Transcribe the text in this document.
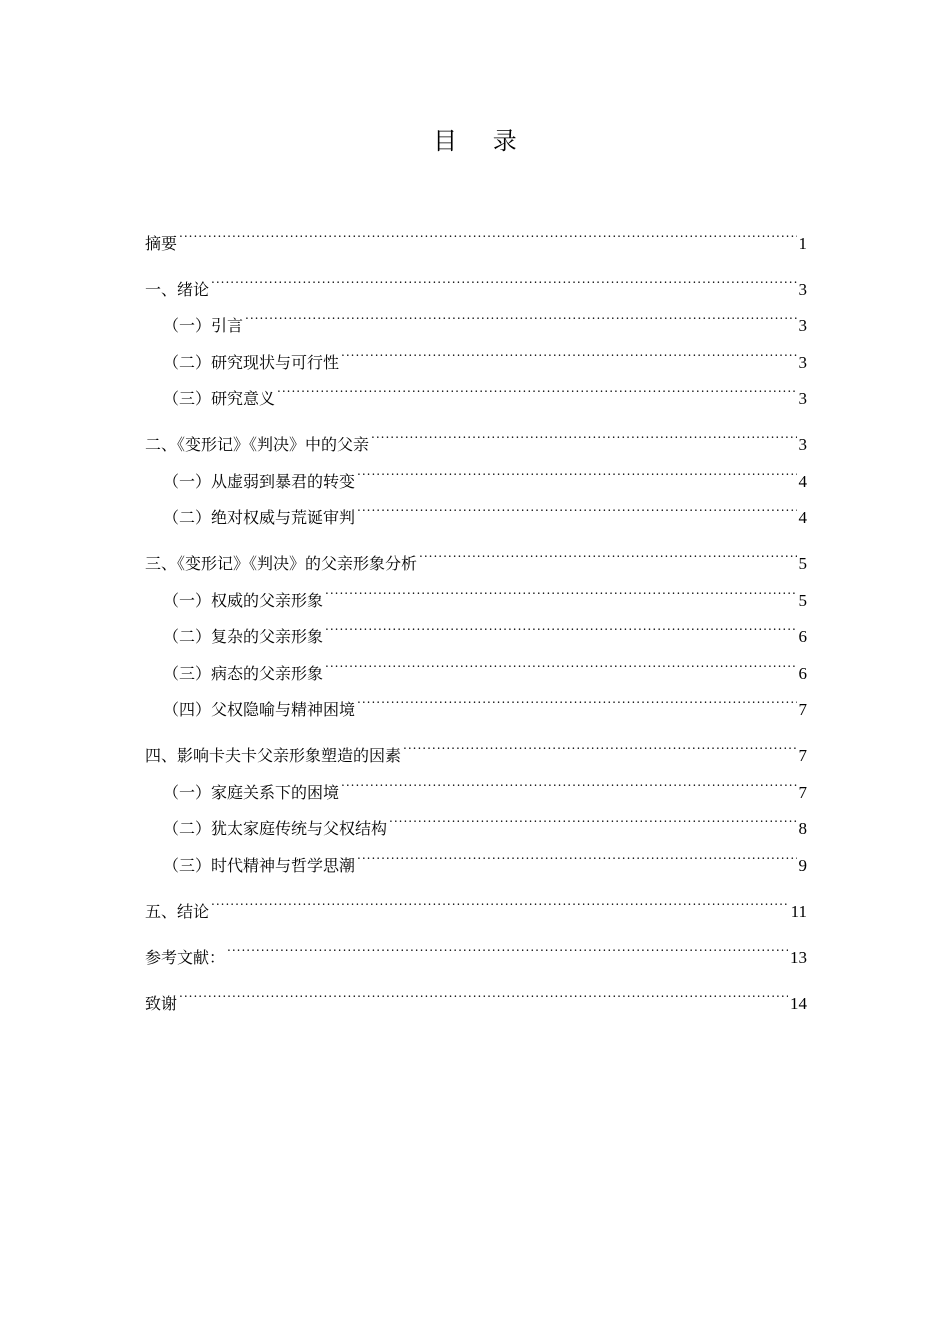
目 录
摘要 .....	1
一、绪论 .....	3
（一）引言 .....	3
（二）研究现状与可行性 .....	3
（三）研究意义 .....	3
二、《变形记》《判决》中的父亲 .....	3
（一）从虚弱到暴君的转变 .....	4
（二）绝对权威与荒诞审判 .....	4
三、《变形记》《判决》的父亲形象分析 .....	5
（一）权威的父亲形象 .....	5
（二）复杂的父亲形象 .....	6
（三）病态的父亲形象 .....	6
（四）父权隐喻与精神困境 .....	7
四、影响卡夫卡父亲形象塑造的因素 .....	7
（一）家庭关系下的困境 .....	7
（二）犹太家庭传统与父权结构 .....	8
（三）时代精神与哲学思潮 .....	9
五、结论 .....	11
参考文献： .....	13
致谢 .....	14
